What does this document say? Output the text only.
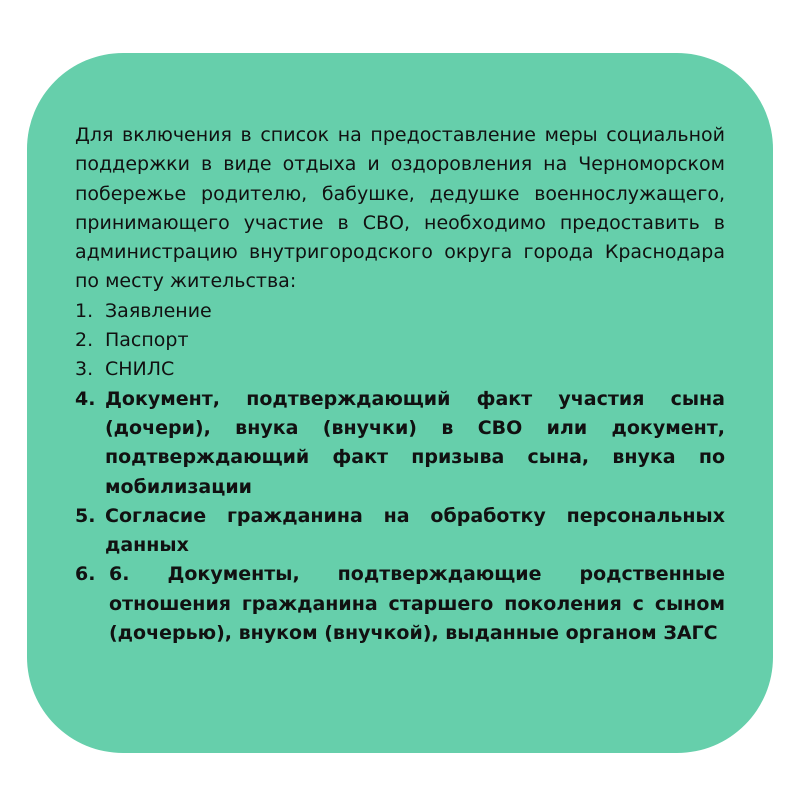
Для включения в список на предоставление меры социальной поддержки в виде отдыха и оздоровления на Черноморском побережье родителю, бабушке, дедушке военнослужащего, принимающего участие в СВО, необходимо предоставить в администрацию внутригородского округа города Краснодара по месту жительства:

1. Заявление
2. Паспорт
3. СНИЛС
4. Документ, подтверждающий факт участия сына (дочери), внука (внучки) в СВО или документ, подтверждающий факт призыва сына, внука по мобилизации
5. Согласие гражданина на обработку персональных данных
6. 6. Документы, подтверждающие родственные отношения гражданина старшего поколения с сыном (дочерью), внуком (внучкой), выданные органом ЗАГС
